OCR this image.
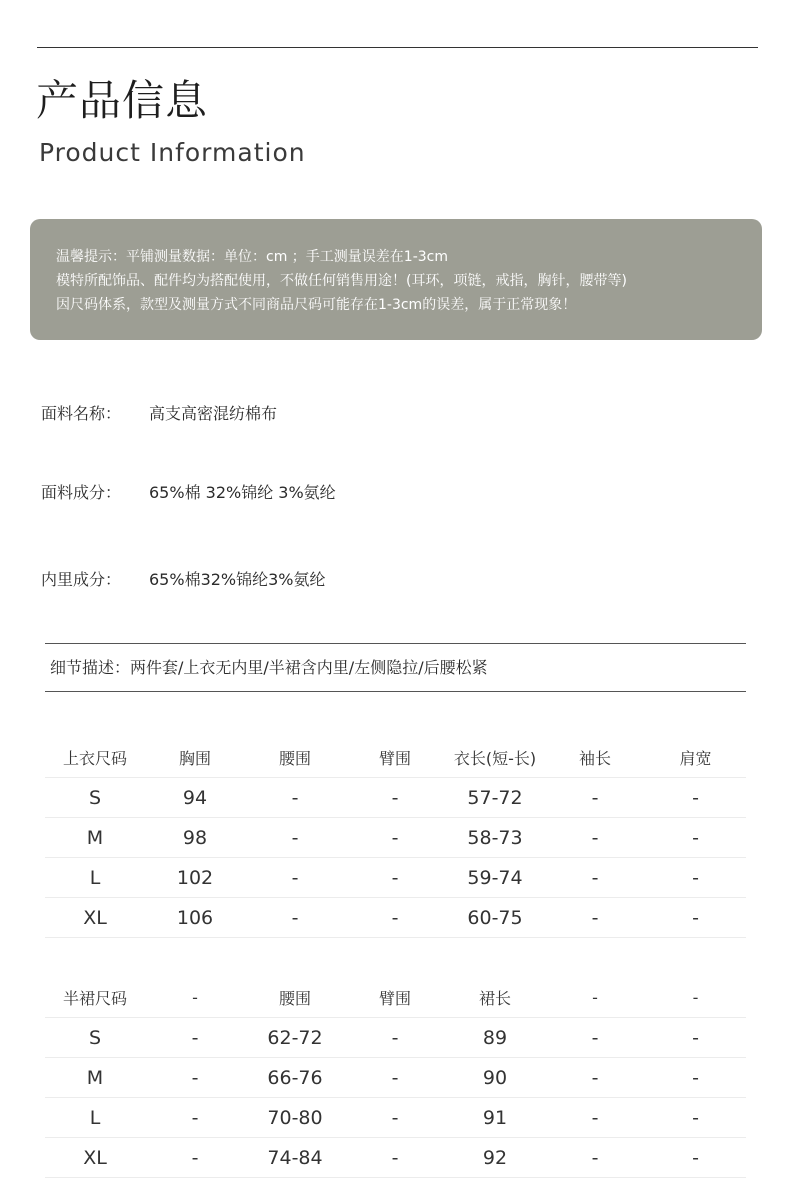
产品信息
Product Information
温馨提示：平铺测量数据：单位：cm ；手工测量误差在1-3cm
模特所配饰品、配件均为搭配使用，不做任何销售用途！(耳环，项链，戒指，胸针，腰带等)
因尺码体系，款型及测量方式不同商品尺码可能存在1-3cm的误差，属于正常现象！
面料名称： 高支高密混纺棉布
面料成分： 65%棉 32%锦纶 3%氨纶
内里成分： 65%棉32%锦纶3%氨纶
细节描述：两件套/上衣无内里/半裙含内里/左侧隐拉/后腰松紧
上衣尺码	胸围	腰围	臂围	衣长(短-长)	袖长	肩宽
S	94	-	-	57-72	-	-
M	98	-	-	58-73	-	-
L	102	-	-	59-74	-	-
XL	106	-	-	60-75	-	-
半裙尺码	-	腰围	臂围	裙长	-	-
S	-	62-72	-	89	-	-
M	-	66-76	-	90	-	-
L	-	70-80	-	91	-	-
XL	-	74-84	-	92	-	-
